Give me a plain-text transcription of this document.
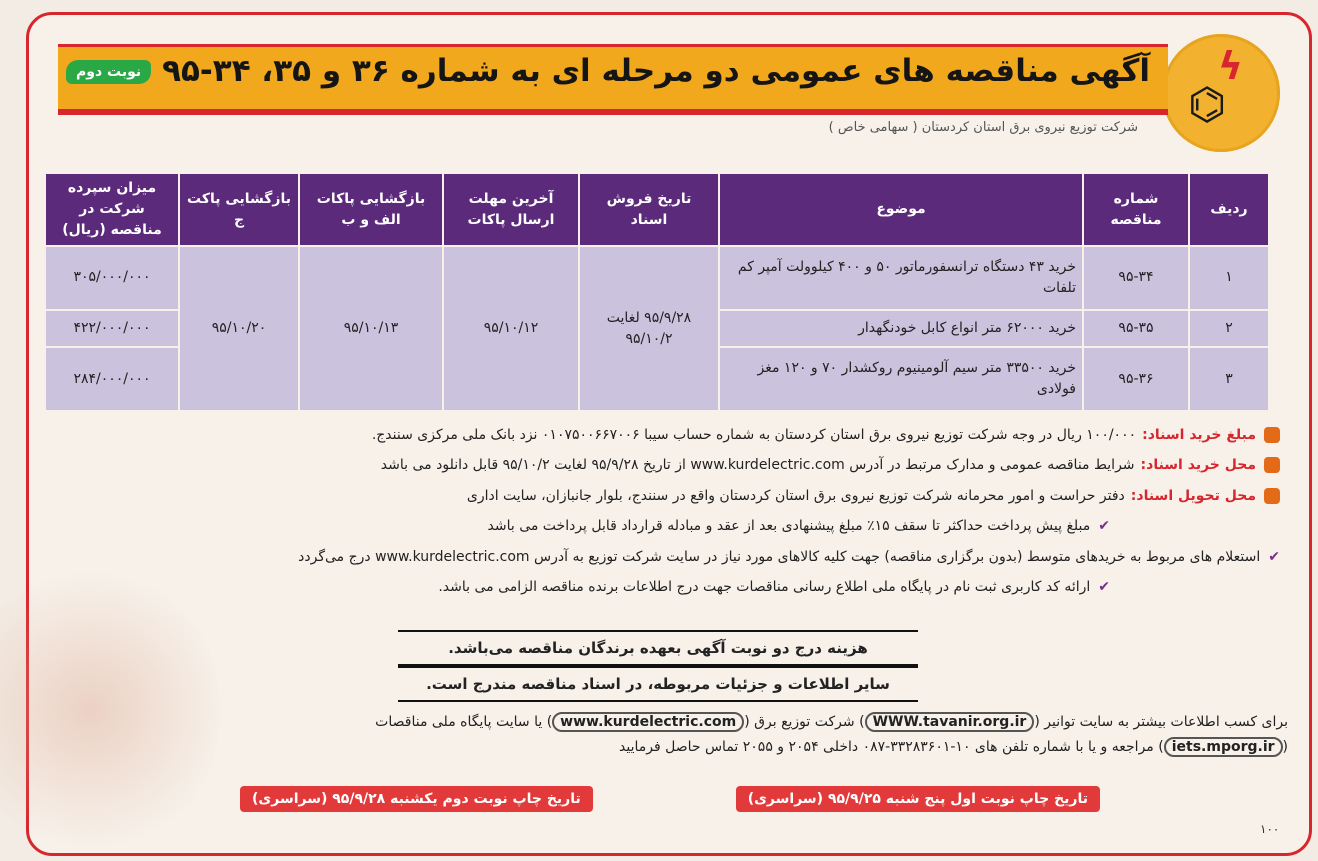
⌬
ϟ
آگهی مناقصه های عمومی دو مرحله ای به شماره ۳۶ و ۳۵، ۳۴-۹۵
نوبت دوم
شرکت توزیع نیروی برق استان کردستان ( سهامی خاص )
ردیف	شماره مناقصه	موضوع	تاریخ فروش اسناد	آخرین مهلت ارسال پاکات	بازگشایی پاکات الف و ب	بازگشایی پاکت ج	میزان سپرده شرکت در مناقصه (ریال)
۱	۹۵-۳۴	خرید ۴۳ دستگاه ترانسفورماتور ۵۰ و ۴۰۰ کیلوولت آمپر کم تلفات	۹۵/۹/۲۸ لغایت ۹۵/۱۰/۲	۹۵/۱۰/۱۲	۹۵/۱۰/۱۳	۹۵/۱۰/۲۰	۳۰۵/۰۰۰/۰۰۰
۲	۹۵-۳۵	خرید ۶۲۰۰۰ متر انواع کابل خودنگهدار					۴۲۲/۰۰۰/۰۰۰
۳	۹۵-۳۶	خرید ۳۳۵۰۰ متر سیم آلومینیوم روکشدار ۷۰ و ۱۲۰ مغز فولادی					۲۸۴/۰۰۰/۰۰۰
مبلغ خرید اسناد:
۱۰۰/۰۰۰ ریال در وجه شرکت توزیع نیروی برق استان کردستان به شماره حساب سیبا ۰۱۰۷۵۰۰۶۶۷۰۰۶ نزد بانک ملی مرکزی سنندج.
محل خرید اسناد:
شرایط مناقصه عمومی و مدارک مرتبط در آدرس www.kurdelectric.com از تاریخ ۹۵/۹/۲۸ لغایت ۹۵/۱۰/۲ قابل دانلود می باشد
محل تحویل اسناد:
دفتر حراست و امور محرمانه شرکت توزیع نیروی برق استان کردستان واقع در سنندج، بلوار جانبازان، سایت اداری
✔
مبلغ پیش پرداخت حداکثر تا سقف ۱۵٪ مبلغ پیشنهادی بعد از عقد و مبادله قرارداد قابل پرداخت می باشد
✔
استعلام های مربوط به خریدهای متوسط (بدون برگزاری مناقصه) جهت کلیه کالاهای مورد نیاز در سایت شرکت توزیع به آدرس www.kurdelectric.com درج می‌گردد
✔
ارائه کد کاربری ثبت نام در پایگاه ملی اطلاع رسانی مناقصات جهت درج اطلاعات برنده مناقصه الزامی می باشد.
هزینه درج دو نوبت آگهی بعهده برندگان مناقصه می‌باشد.
سایر اطلاعات و جزئیات مربوطه، در اسناد مناقصه مندرج است.
برای کسب اطلاعات بیشتر به سایت توانیر (WWW.tavanir.org.ir) شرکت توزیع برق (www.kurdelectric.com) یا سایت پایگاه ملی مناقصات
(iets.mporg.ir) مراجعه و یا با شماره تلفن های ۱۰-۳۳۲۸۳۶۰۱-۰۸۷ داخلی ۲۰۵۴ و ۲۰۵۵ تماس حاصل فرمایید
تاریخ چاپ نوبت اول پنج شنبه ۹۵/۹/۲۵ (سراسری)
تاریخ چاپ نوبت دوم یکشنبه ۹۵/۹/۲۸ (سراسری)
۱۰۰
